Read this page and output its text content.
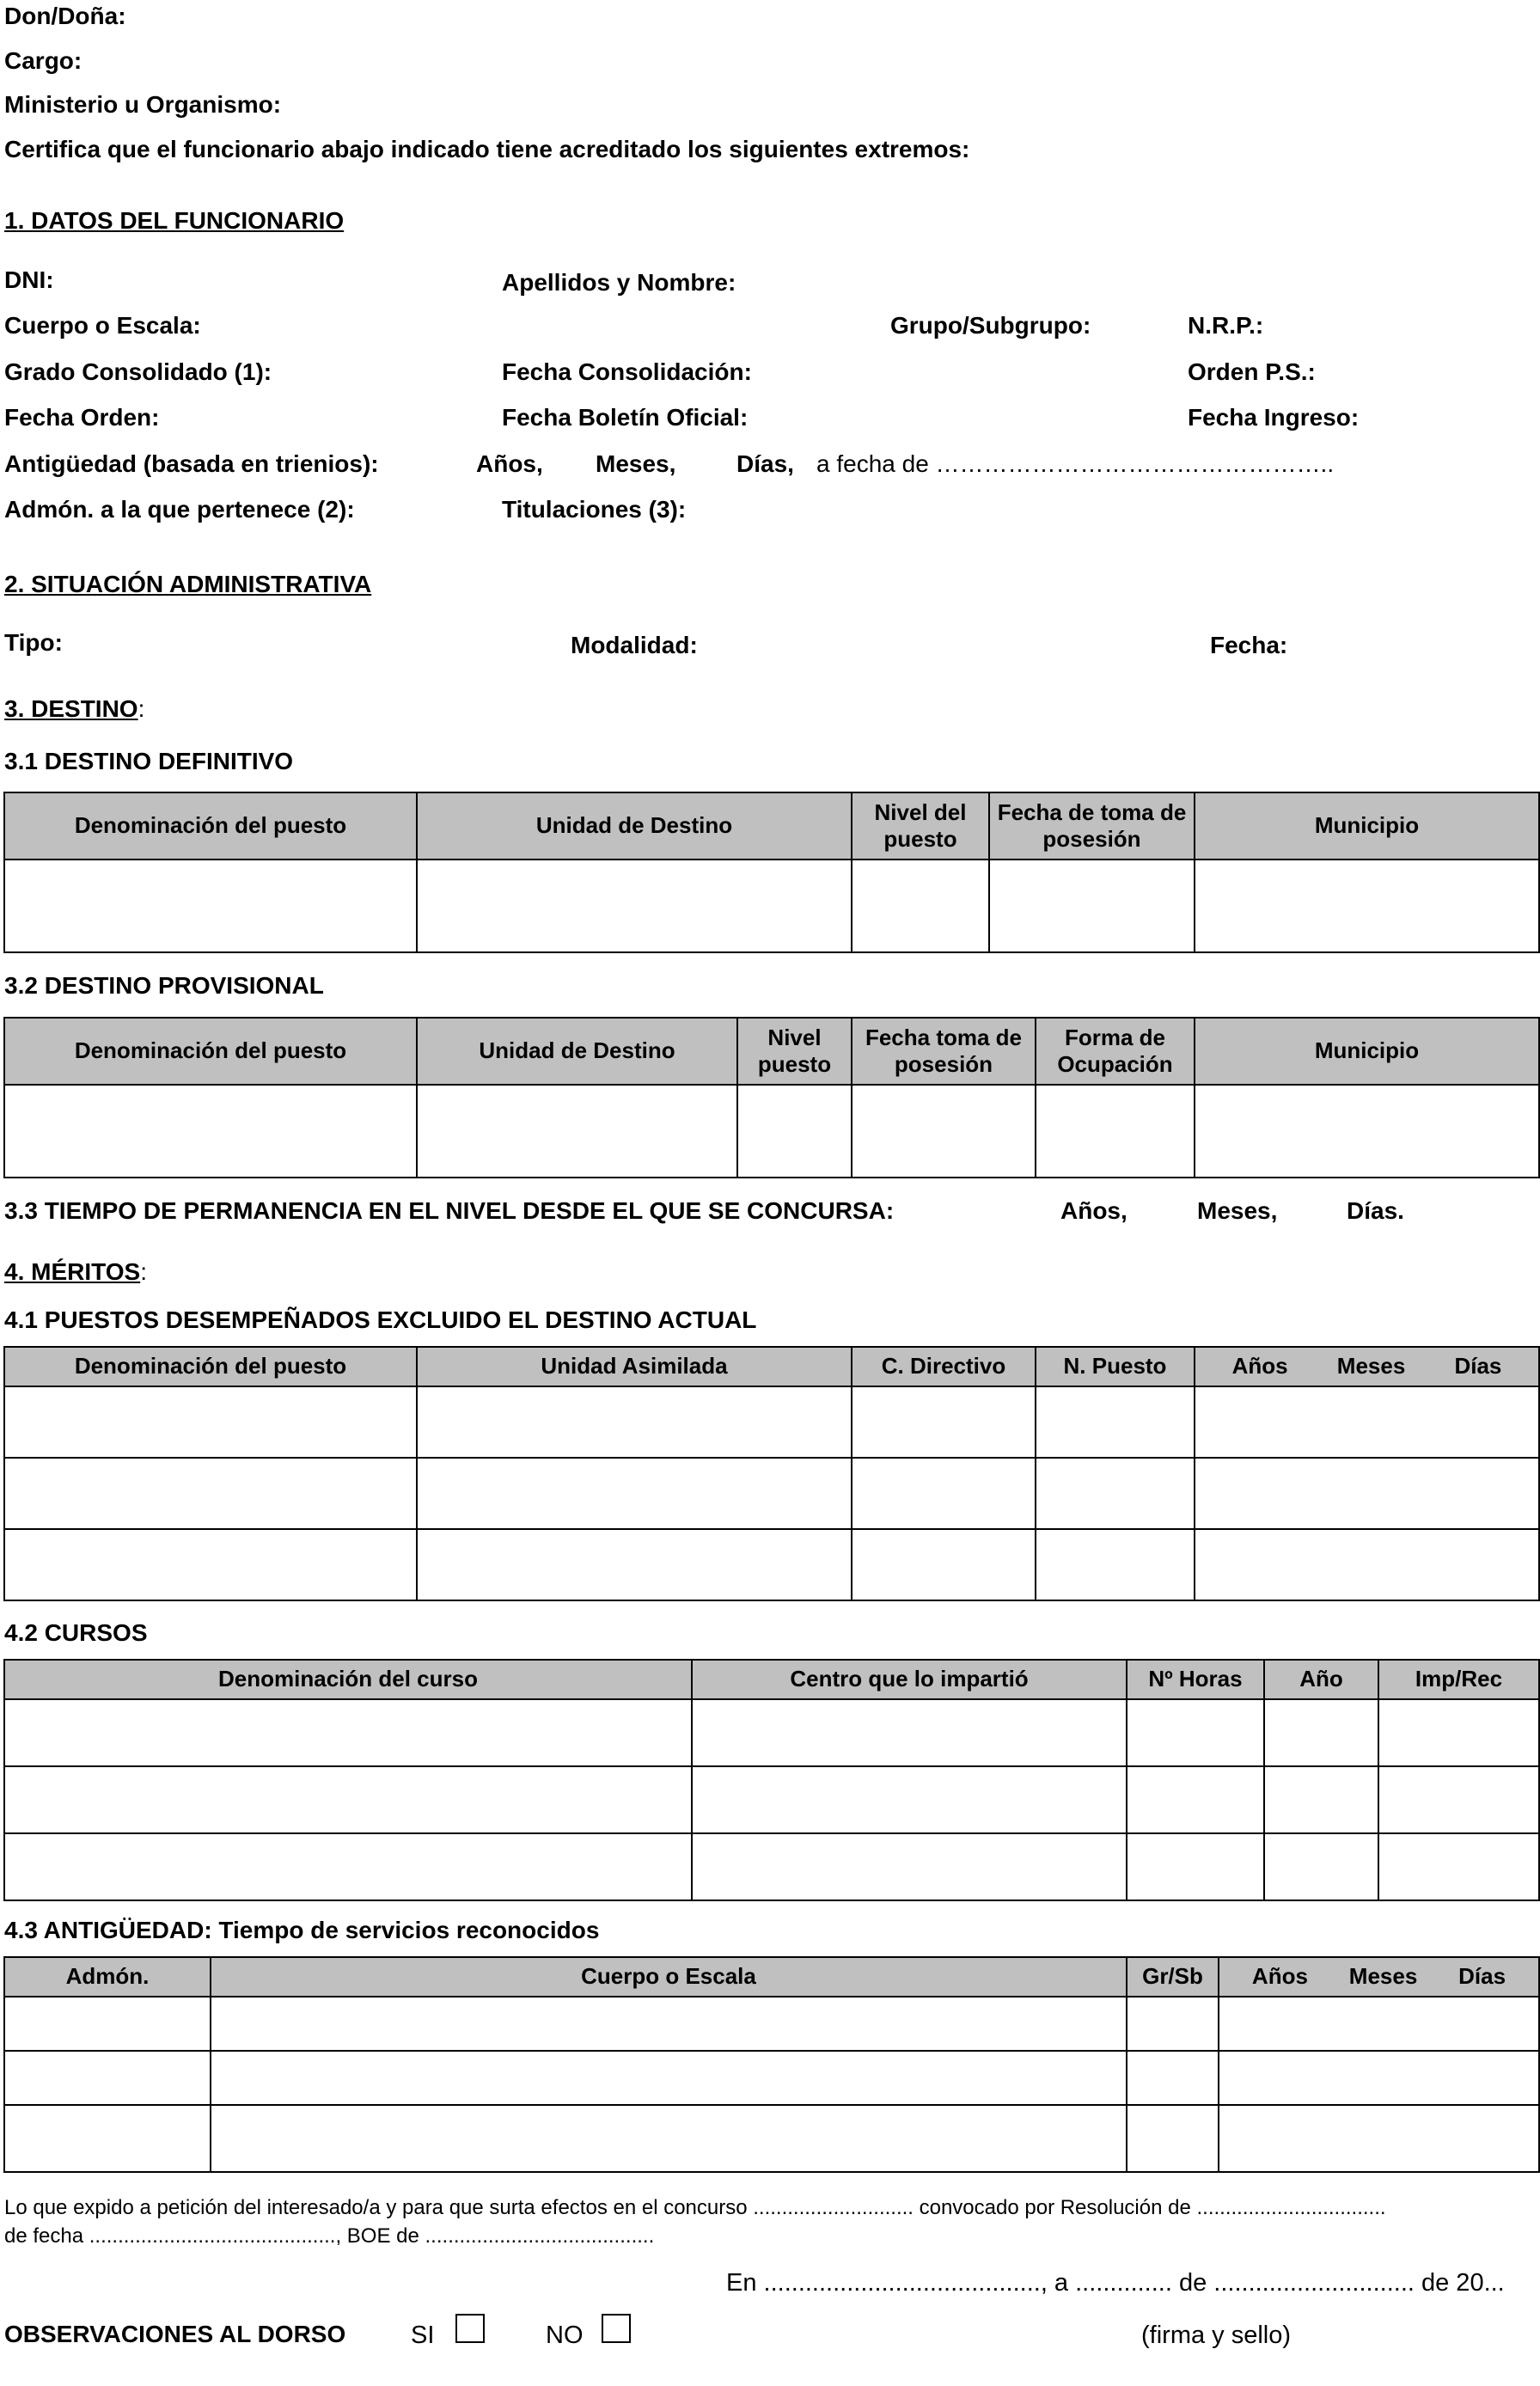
Don/Doña:
Cargo:
Ministerio u Organismo:
Certifica que el funcionario abajo indicado tiene acreditado los siguientes extremos:
1. DATOS DEL FUNCIONARIO
DNI:	Apellidos y Nombre:
Cuerpo o Escala:	Grupo/Subgrupo:	N.R.P.:
Grado Consolidado (1):	Fecha Consolidación:	Orden P.S.:
Fecha Orden:	Fecha Boletín Oficial:	Fecha Ingreso:
Antigüedad (basada en trienios):	Años, Meses,	Días, a fecha de …………………………………………..
Admón. a la que pertenece (2):	Titulaciones (3):
2. SITUACIÓN ADMINISTRATIVA
Tipo:	Modalidad:	Fecha:
3. DESTINO:
3.1 DESTINO DEFINITIVO
Denominación del puesto	Unidad de Destino	Nivel del puesto	Fecha de toma de posesión	Municipio

3.2 DESTINO PROVISIONAL
Denominación del puesto	Unidad de Destino	Nivel puesto	Fecha toma de posesión	Forma de Ocupación	Municipio

3.3 TIEMPO DE PERMANENCIA EN EL NIVEL DESDE EL QUE SE CONCURSA:	Años,	Meses,	Días.
4. MÉRITOS:
4.1 PUESTOS DESEMPEÑADOS EXCLUIDO EL DESTINO ACTUAL
Denominación del puesto	Unidad Asimilada	C. Directivo	N. Puesto	Años Meses Días

4.2 CURSOS
Denominación del curso	Centro que lo impartió	Nº Horas	Año	Imp/Rec

4.3 ANTIGÜEDAD: Tiempo de servicios reconocidos
Admón.	Cuerpo o Escala	Gr/Sb	Años Meses Días

Lo que expido a petición del interesado/a y para que surta efectos en el concurso ............................ convocado por Resolución de .................................
de fecha ..........................................., BOE de ........................................
En ........................................, a .............. de ............................. de 20...
OBSERVACIONES AL DORSO	SI	NO	(firma y sello)
